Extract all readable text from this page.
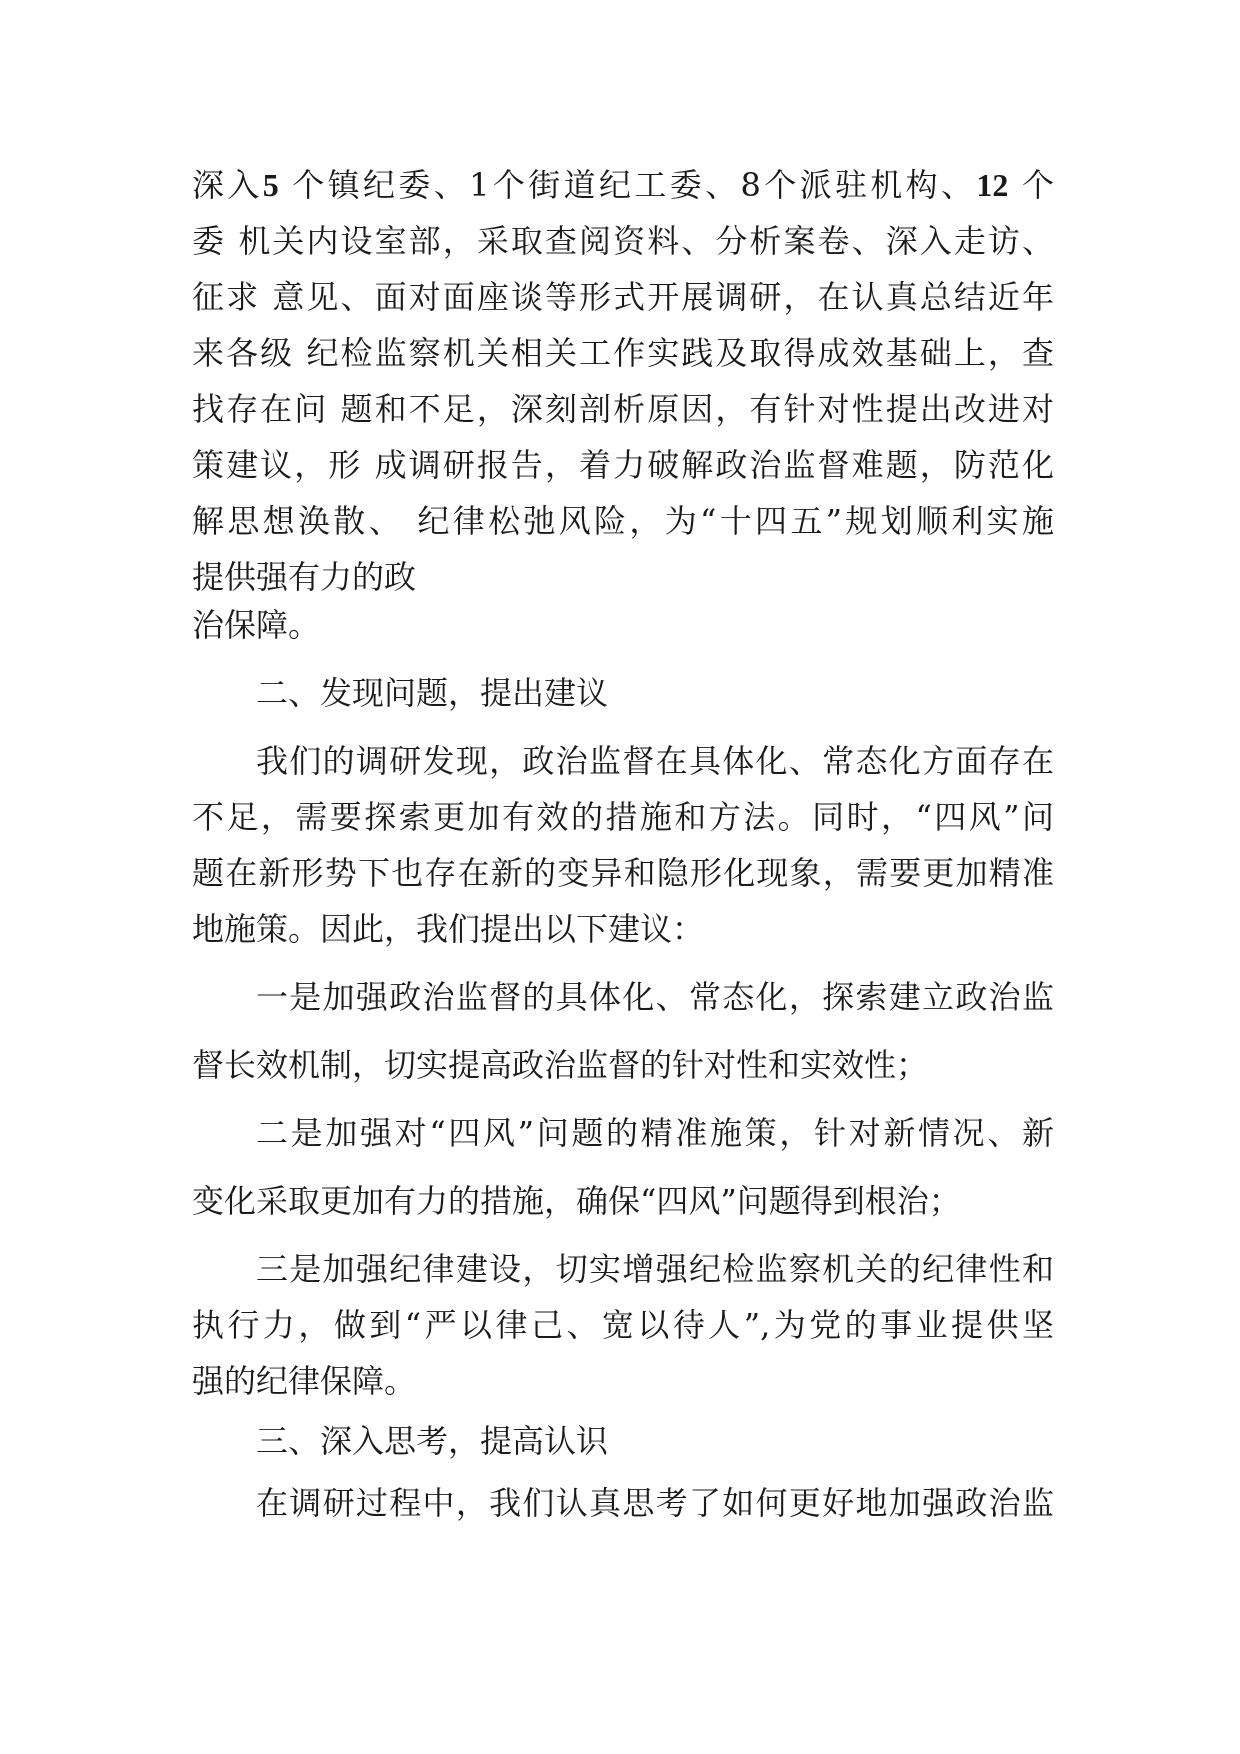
深入5 个镇纪委、1个街道纪工委、8个派驻机构、12 个
委 机关内设室部，采取查阅资料、分析案卷、深入走访、
征求 意见、面对面座谈等形式开展调研，在认真总结近年
来各级 纪检监察机关相关工作实践及取得成效基础上，查
找存在问 题和不足，深刻剖析原因，有针对性提出改进对
策建议，形 成调研报告，着力破解政治监督难题，防范化
解思想涣散、 纪律松弛风险，为“十四五”规划顺利实施
提供强有力的政
治保障。
二、发现问题，提出建议
我们的调研发现，政治监督在具体化、常态化方面存在
不足，需要探索更加有效的措施和方法。同时，“四风”问
题在新形势下也存在新的变异和隐形化现象，需要更加精准
地施策。因此，我们提出以下建议：
一是加强政治监督的具体化、常态化，探索建立政治监
督长效机制，切实提高政治监督的针对性和实效性；
二是加强对“四风”问题的精准施策，针对新情况、新
变化采取更加有力的措施，确保“四风”问题得到根治；
三是加强纪律建设，切实增强纪检监察机关的纪律性和
执行力，做到“严以律己、宽以待人”,为党的事业提供坚
强的纪律保障。
三、深入思考，提高认识
在调研过程中，我们认真思考了如何更好地加强政治监
